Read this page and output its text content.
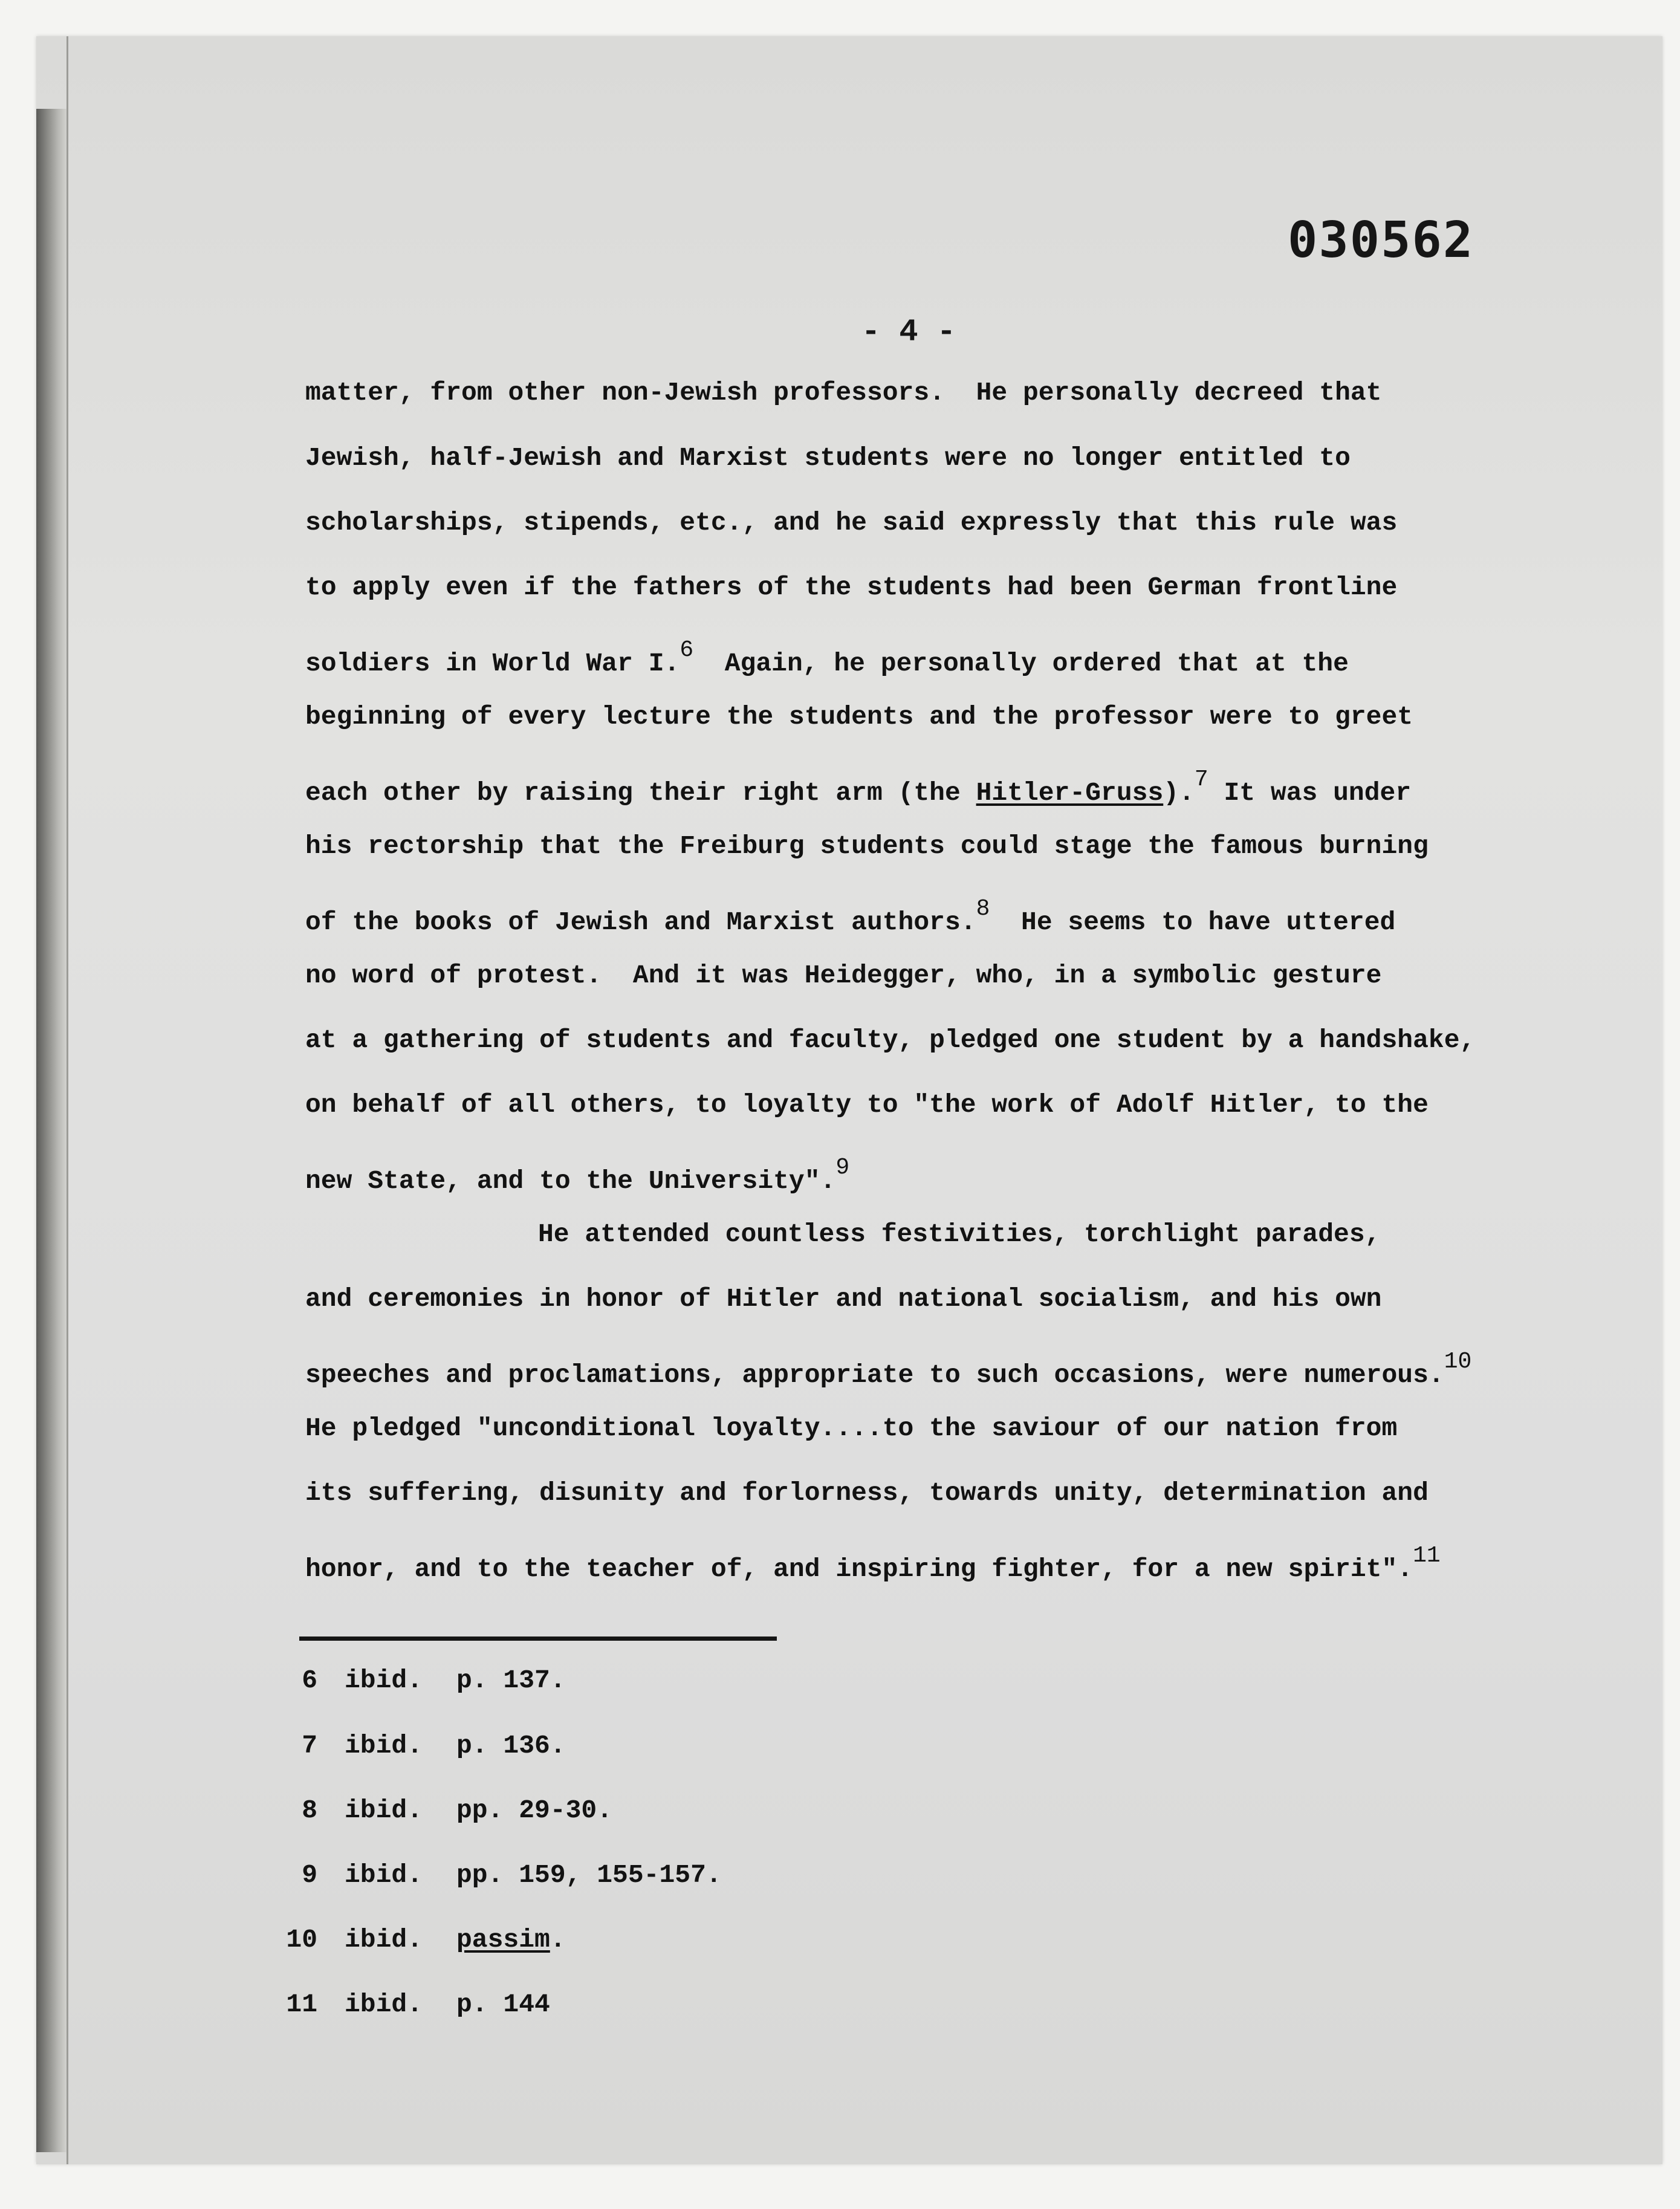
030562
- 4 -
matter, from other non-Jewish professors.  He personally decreed that
Jewish, half-Jewish and Marxist students were no longer entitled to
scholarships, stipends, etc., and he said expressly that this rule was
to apply even if the fathers of the students had been German frontline
soldiers in World War I.6  Again, he personally ordered that at the
beginning of every lecture the students and the professor were to greet
each other by raising their right arm (the Hitler-Gruss).7 It was under
his rectorship that the Freiburg students could stage the famous burning
of the books of Jewish and Marxist authors.8  He seems to have uttered
no word of protest.  And it was Heidegger, who, in a symbolic gesture
at a gathering of students and faculty, pledged one student by a handshake,
on behalf of all others, to loyalty to "the work of Adolf Hitler, to the
new State, and to the University".9
He attended countless festivities, torchlight parades,
and ceremonies in honor of Hitler and national socialism, and his own
speeches and proclamations, appropriate to such occasions, were numerous.10
He pledged "unconditional loyalty....to the saviour of our nation from
its suffering, disunity and forlorness, towards unity, determination and
honor, and to the teacher of, and inspiring fighter, for a new spirit".11
6 ibid. p. 137.
7 ibid. p. 136.
8 ibid. pp. 29-30.
9 ibid. pp. 159, 155-157.
10 ibid. passim.
11 ibid. p. 144
